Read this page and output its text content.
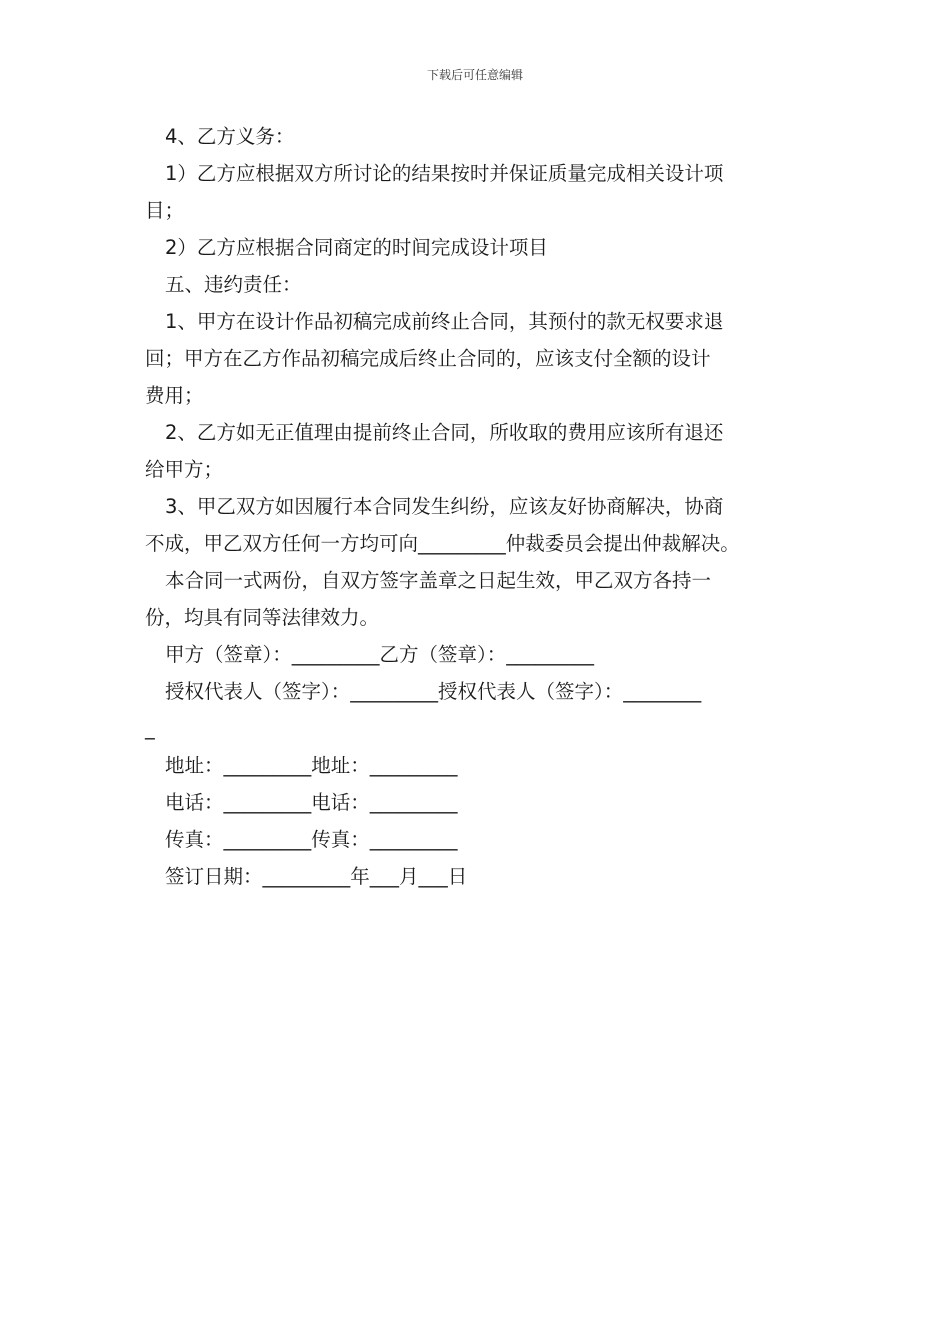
下载后可任意编辑
4、乙方义务：
1）乙方应根据双方所讨论的结果按时并保证质量完成相关设计项
目；
2）乙方应根据合同商定的时间完成设计项目
五、违约责任：
1、甲方在设计作品初稿完成前终止合同，其预付的款无权要求退
回；甲方在乙方作品初稿完成后终止合同的，应该支付全额的设计
费用；
2、乙方如无正值理由提前终止合同，所收取的费用应该所有退还
给甲方；
3、甲乙双方如因履行本合同发生纠纷，应该友好协商解决，协商
不成，甲乙双方任何一方均可向_________仲裁委员会提出仲裁解决。
本合同一式两份，自双方签字盖章之日起生效，甲乙双方各持一
份，均具有同等法律效力。
甲方（签章）：_________乙方（签章）：_________
授权代表人（签字）：_________授权代表人（签字）：________
_
地址：_________地址：_________
电话：_________电话：_________
传真：_________传真：_________
签订日期：_________年___月___日
